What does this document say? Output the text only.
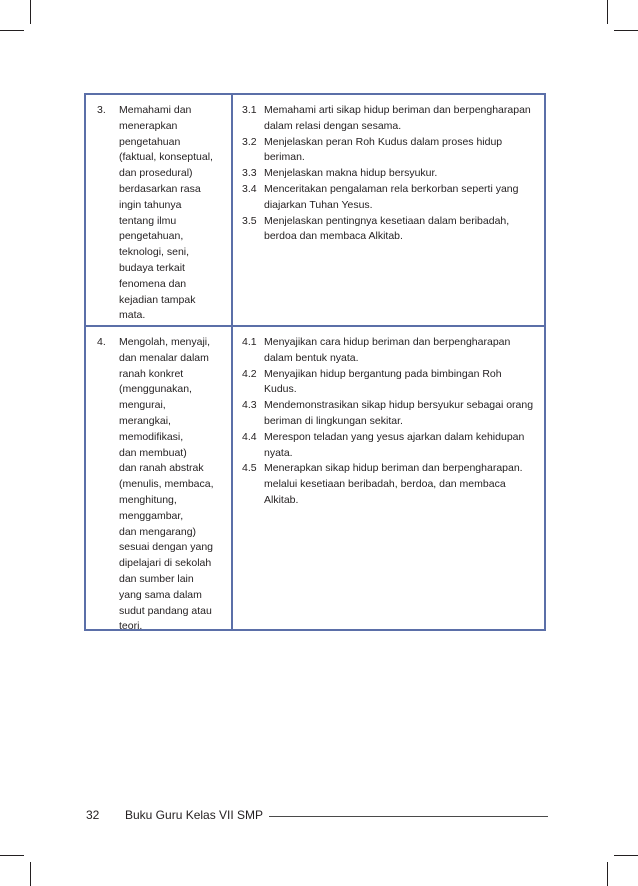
3.	Memahami dan
menerapkan
pengetahuan
(faktual, konseptual,
dan prosedural)
berdasarkan rasa
ingin tahunya
tentang ilmu
pengetahuan,
teknologi, seni,
budaya terkait
fenomena dan
kejadian tampak
mata.
3.1 Memahami arti sikap hidup beriman dan berpengharapan dalam relasi dengan sesama.
3.2 Menjelaskan peran Roh Kudus dalam proses hidup beriman.
3.3 Menjelaskan makna hidup bersyukur.
3.4 Menceritakan pengalaman rela berkorban seperti yang diajarkan Tuhan Yesus.
3.5 Menjelaskan pentingnya kesetiaan dalam beribadah, berdoa dan membaca Alkitab.
4.	Mengolah, menyaji,
dan menalar dalam
ranah konkret
(menggunakan,
mengurai,
merangkai,
memodifikasi,
dan membuat)
dan ranah abstrak
(menulis, membaca,
menghitung,
menggambar,
dan mengarang)
sesuai dengan yang
dipelajari di sekolah
dan sumber lain
yang sama dalam
sudut pandang atau
teori.
4.1 Menyajikan cara hidup beriman dan berpengharapan dalam bentuk nyata.
4.2 Menyajikan hidup bergantung pada bimbingan Roh Kudus.
4.3 Mendemonstrasikan sikap hidup bersyukur sebagai orang beriman di lingkungan sekitar.
4.4 Merespon teladan yang yesus ajarkan dalam kehidupan nyata.
4.5 Menerapkan sikap hidup beriman dan berpengharapan. melalui kesetiaan beribadah, berdoa, dan membaca Alkitab.
32 Buku Guru Kelas VII SMP
